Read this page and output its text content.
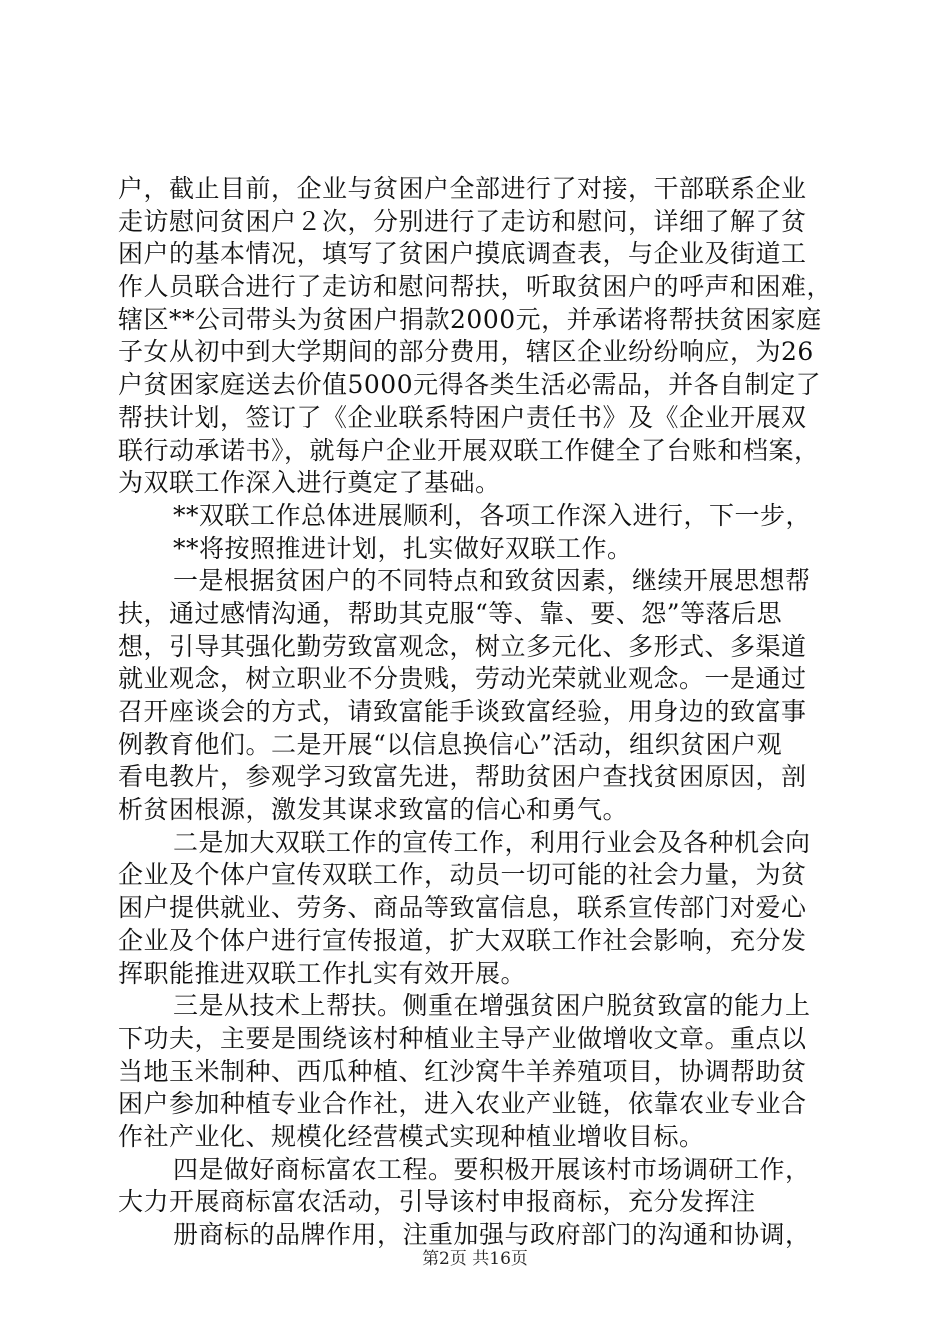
户，截止目前，企业与贫困户全部进行了对接，干部联系企业
走访慰问贫困户２次，分别进行了走访和慰问，详细了解了贫
困户的基本情况，填写了贫困户摸底调查表，与企业及街道工
作人员联合进行了走访和慰问帮扶，听取贫困户的呼声和困难，
辖区**公司带头为贫困户捐款2000元，并承诺将帮扶贫困家庭
子女从初中到大学期间的部分费用，辖区企业纷纷响应，为26
户贫困家庭送去价值5000元得各类生活必需品，并各自制定了
帮扶计划，签订了《企业联系特困户责任书》及《企业开展双
联行动承诺书》，就每户企业开展双联工作健全了台账和档案，
为双联工作深入进行奠定了基础。
**双联工作总体进展顺利，各项工作深入进行，下一步，
**将按照推进计划，扎实做好双联工作。
一是根据贫困户的不同特点和致贫因素，继续开展思想帮
扶，通过感情沟通，帮助其克服“等、靠、要、怨”等落后思
想，引导其强化勤劳致富观念，树立多元化、多形式、多渠道
就业观念，树立职业不分贵贱，劳动光荣就业观念。一是通过
召开座谈会的方式，请致富能手谈致富经验，用身边的致富事
例教育他们。二是开展“以信息换信心”活动，组织贫困户观
看电教片，参观学习致富先进，帮助贫困户查找贫困原因，剖
析贫困根源，激发其谋求致富的信心和勇气。
二是加大双联工作的宣传工作，利用行业会及各种机会向
企业及个体户宣传双联工作，动员一切可能的社会力量，为贫
困户提供就业、劳务、商品等致富信息，联系宣传部门对爱心
企业及个体户进行宣传报道，扩大双联工作社会影响，充分发
挥职能推进双联工作扎实有效开展。
三是从技术上帮扶。侧重在增强贫困户脱贫致富的能力上
下功夫，主要是围绕该村种植业主导产业做增收文章。重点以
当地玉米制种、西瓜种植、红沙窝牛羊养殖项目，协调帮助贫
困户参加种植专业合作社，进入农业产业链，依靠农业专业合
作社产业化、规模化经营模式实现种植业增收目标。
四是做好商标富农工程。要积极开展该村市场调研工作，
大力开展商标富农活动，引导该村申报商标，充分发挥注
册商标的品牌作用，注重加强与政府部门的沟通和协调，
第2页 共16页
